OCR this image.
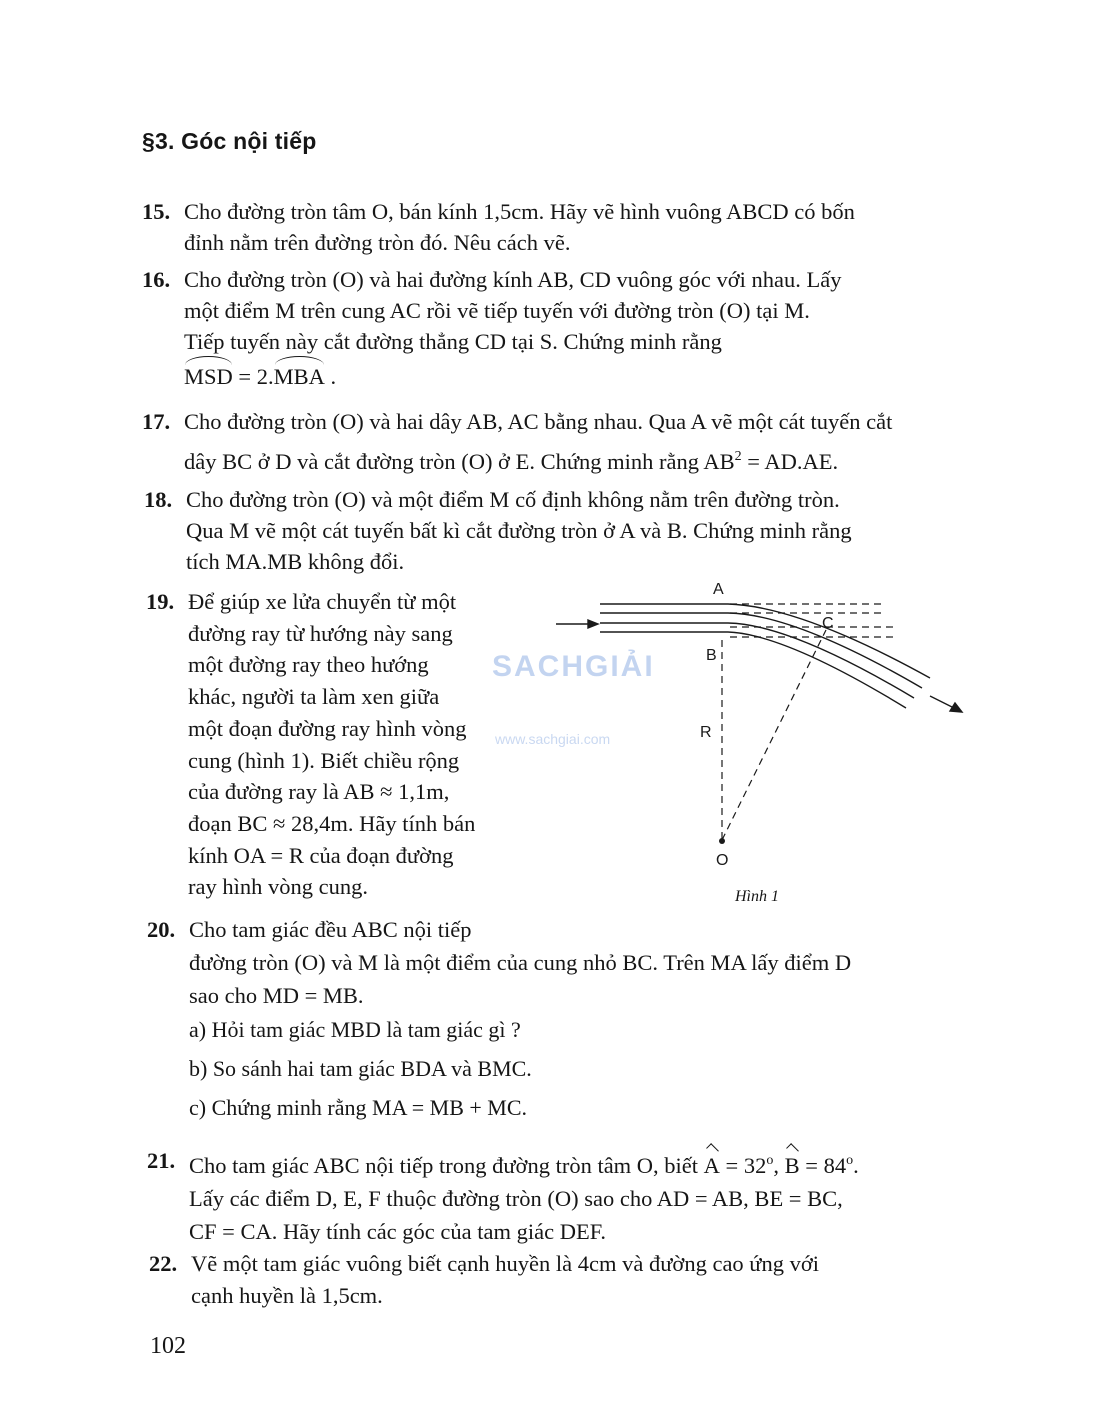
§3. Góc nội tiếp
15. Cho đường tròn tâm O, bán kính 1,5cm. Hãy vẽ hình vuông ABCD có bốn

đỉnh nằm trên đường tròn đó. Nêu cách vẽ.

16. Cho đường tròn (O) và hai đường kính AB, CD vuông góc với nhau. Lấy

một điểm M trên cung AC rồi vẽ tiếp tuyến với đường tròn (O) tại M.

Tiếp tuyến này cắt đường thẳng CD tại S. Chứng minh rằng

MSD = 2.MBA .

17. Cho đường tròn (O) và hai dây AB, AC bằng nhau. Qua A vẽ một cát tuyến cắt

dây BC ở D và cắt đường tròn (O) ở E. Chứng minh rằng $AB^2 = AD.AE$.

18. Cho đường tròn (O) và một điểm M cố định không nằm trên đường tròn.

Qua M vẽ một cát tuyến bất kì cắt đường tròn ở A và B. Chứng minh rằng

tích MA.MB không đổi.

19. Để giúp xe lửa chuyển từ một

đường ray từ hướng này sang

một đường ray theo hướng

khác, người ta làm xen giữa

một đoạn đường ray hình vòng

cung (hình 1). Biết chiều rộng

của đường ray là AB ≈ 1,1m,

đoạn BC ≈ 28,4m. Hãy tính bán

kính OA = R của đoạn đường

ray hình vòng cung.

A
B
C
R
O
Hình 1
SACHGIẢI
www.sachgiai.com
20. Cho tam giác đều ABC nội tiếp

đường tròn (O) và M là một điểm của cung nhỏ BC. Trên MA lấy điểm D

sao cho MD = MB.

a) Hỏi tam giác MBD là tam giác gì ?
b) So sánh hai tam giác BDA và BMC.
c) Chứng minh rằng MA = MB + MC.
21. Cho tam giác ABC nội tiếp trong đường tròn tâm O, biết $A = 32^o$, $B = 84^o$.

Lấy các điểm D, E, F thuộc đường tròn (O) sao cho AD = AB, BE = BC,

CF = CA. Hãy tính các góc của tam giác DEF.

22. Vẽ một tam giác vuông biết cạnh huyền là 4cm và đường cao ứng với

cạnh huyền là 1,5cm.

102
